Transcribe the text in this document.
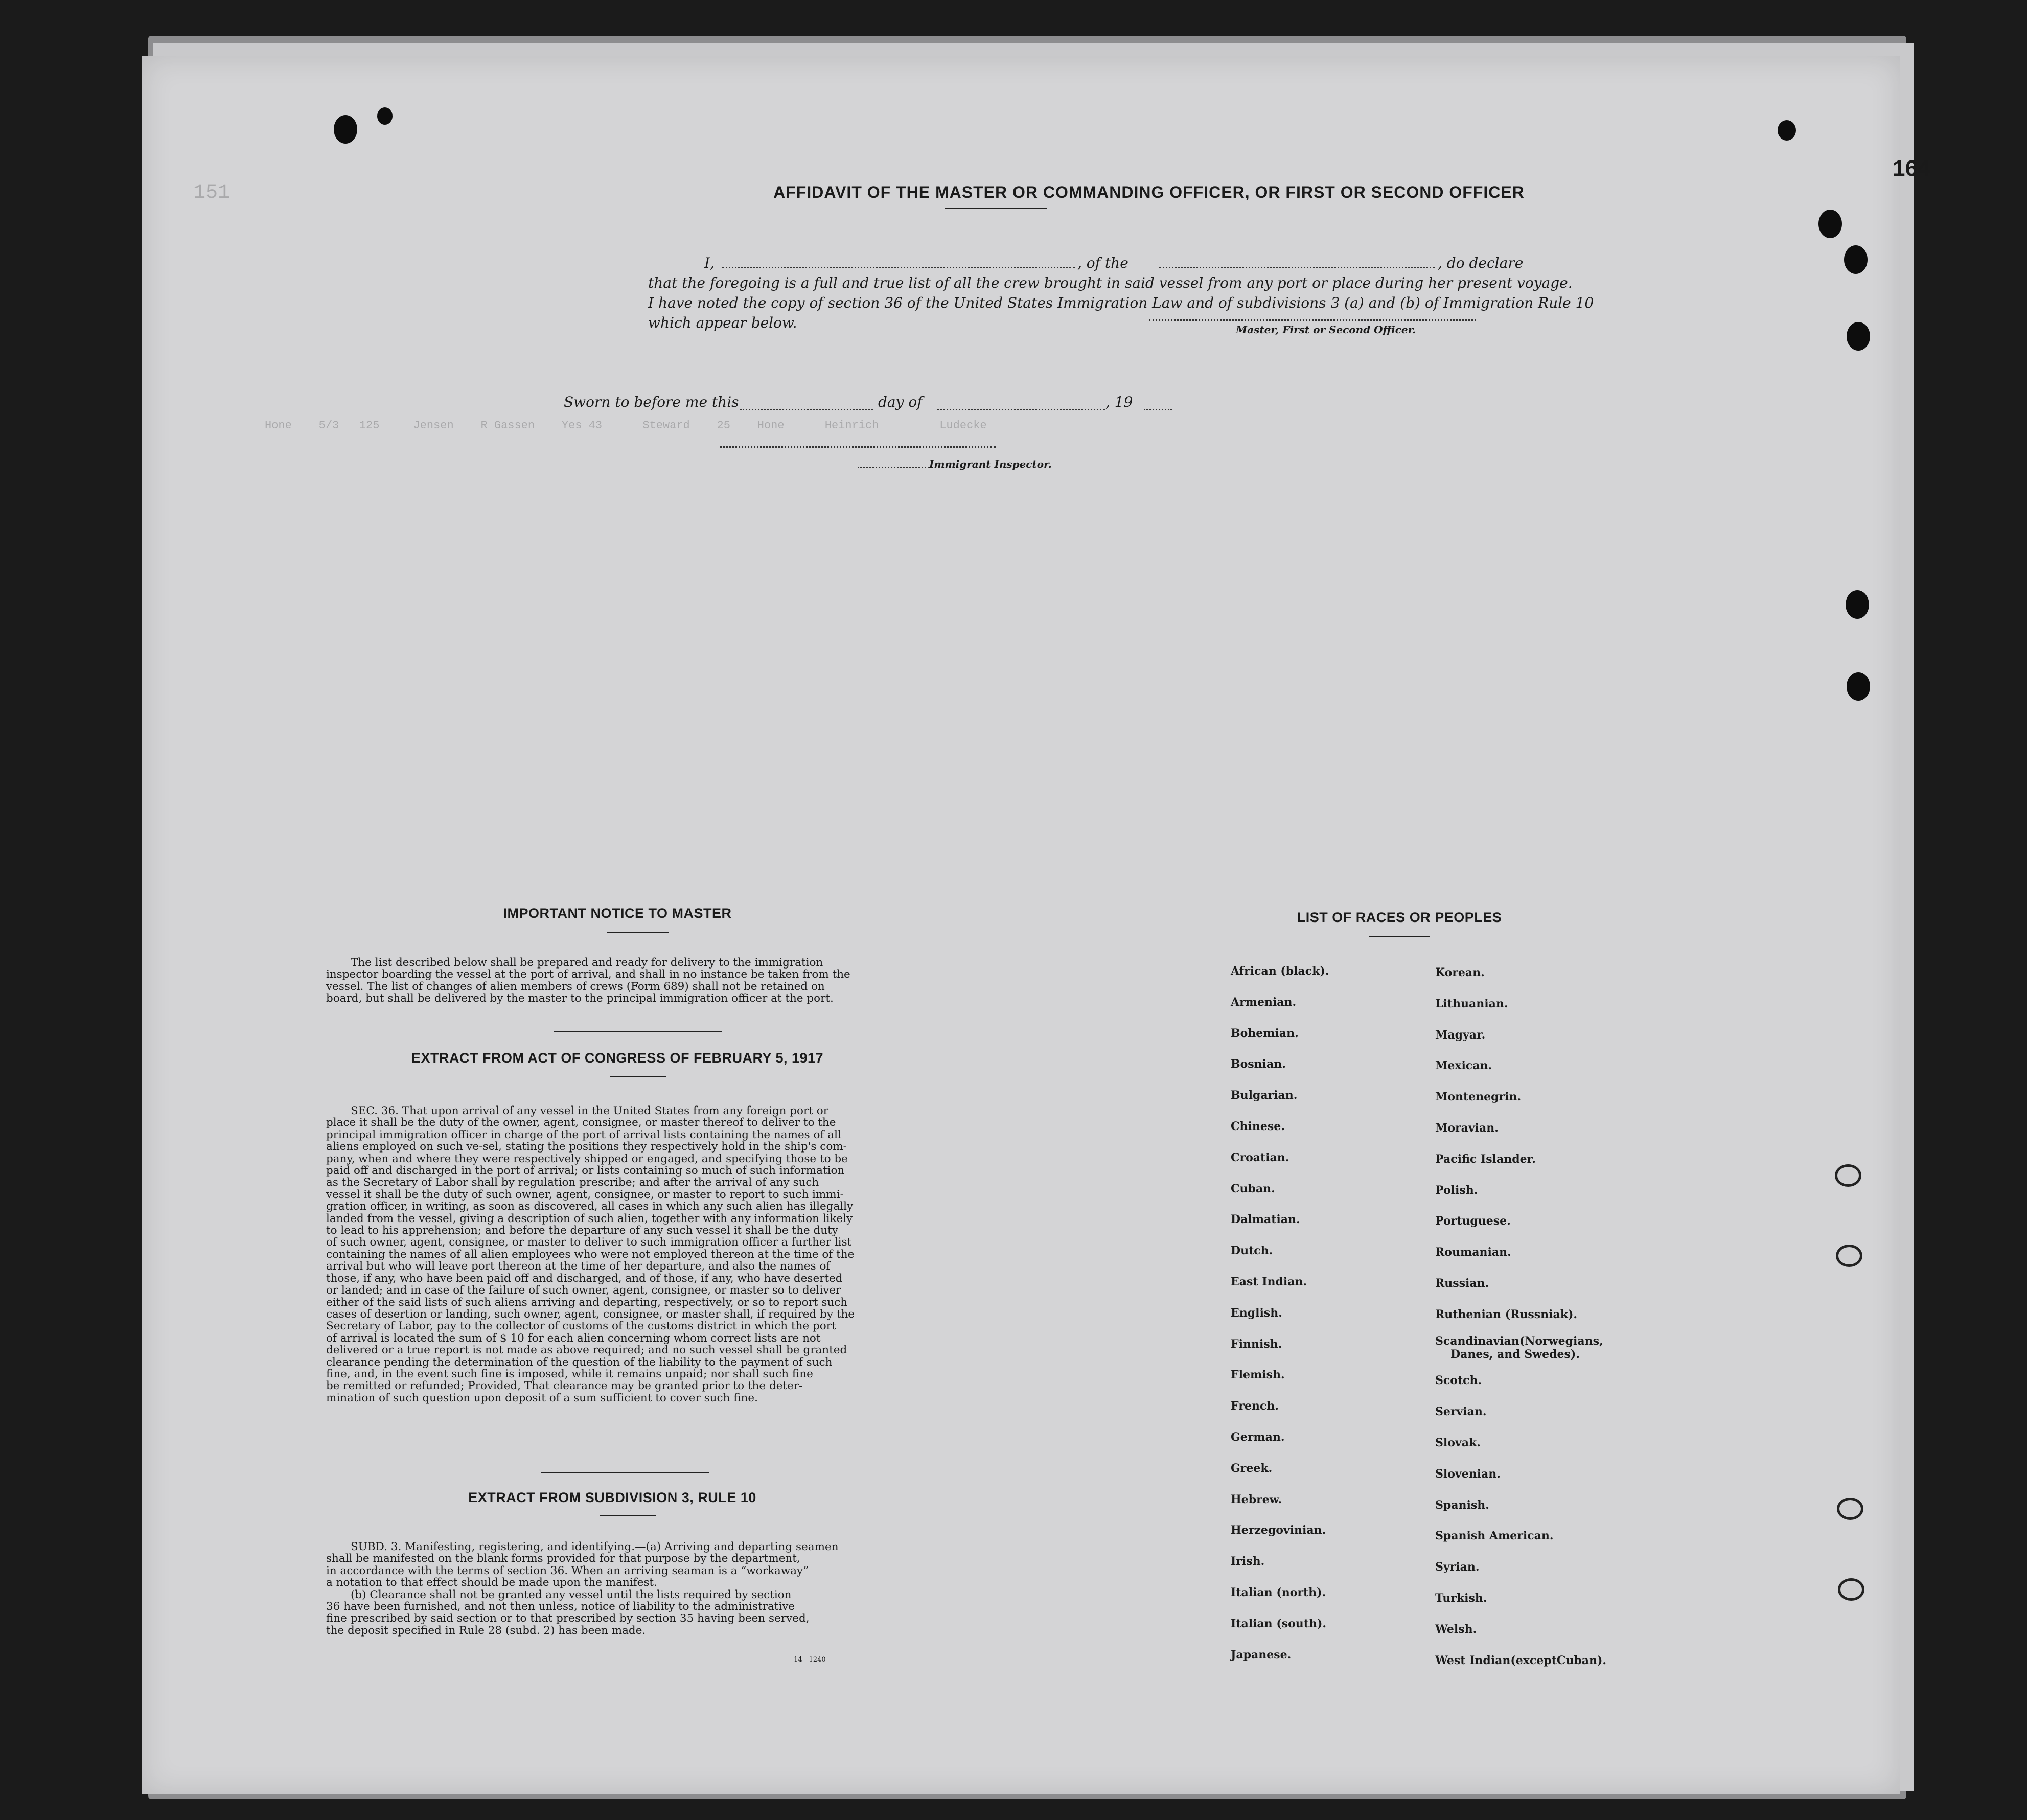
164
151
Hone    5/3   125     Jensen    R Gassen    Yes 43      Steward    25    Hone      Heinrich         Ludecke
AFFIDAVIT OF THE MASTER OR COMMANDING OFFICER, OR FIRST OR SECOND OFFICER
I,	, of the	, do declare
that the foregoing is a full and true list of all the crew brought in said vessel from any port or place during her present voyage.
I have noted the copy of section 36 of the United States Immigration Law and of subdivisions 3 (a) and (b) of Immigration Rule 10
which appear below.	Master, First or Second Officer.
Sworn to before me this	day of	, 19
Immigrant Inspector.
IMPORTANT NOTICE TO MASTER
The list described below shall be prepared and ready for delivery to the immigration
inspector boarding the vessel at the port of arrival, and shall in no instance be taken from the
vessel. The list of changes of alien members of crews (Form 689) shall not be retained on
board, but shall be delivered by the master to the principal immigration officer at the port.
EXTRACT FROM ACT OF CONGRESS OF FEBRUARY 5, 1917
SEC. 36. That upon arrival of any vessel in the United States from any foreign port or
place it shall be the duty of the owner, agent, consignee, or master thereof to deliver to the
principal immigration officer in charge of the port of arrival lists containing the names of all
aliens employed on such ve-sel, stating the positions they respectively hold in the ship's com-
pany, when and where they were respectively shipped or engaged, and specifying those to be
paid off and discharged in the port of arrival; or lists containing so much of such information
as the Secretary of Labor shall by regulation prescribe; and after the arrival of any such
vessel it shall be the duty of such owner, agent, consignee, or master to report to such immi-
gration officer, in writing, as soon as discovered, all cases in which any such alien has illegally
landed from the vessel, giving a description of such alien, together with any information likely
to lead to his apprehension; and before the departure of any such vessel it shall be the duty
of such owner, agent, consignee, or master to deliver to such immigration officer a further list
containing the names of all alien employees who were not employed thereon at the time of the
arrival but who will leave port thereon at the time of her departure, and also the names of
those, if any, who have been paid off and discharged, and of those, if any, who have deserted
or landed; and in case of the failure of such owner, agent, consignee, or master so to deliver
either of the said lists of such aliens arriving and departing, respectively, or so to report such
cases of desertion or landing, such owner, agent, consignee, or master shall, if required by the
Secretary of Labor, pay to the collector of customs of the customs district in which the port
of arrival is located the sum of $ 10 for each alien concerning whom correct lists are not
delivered or a true report is not made as above required; and no such vessel shall be granted
clearance pending the determination of the question of the liability to the payment of such
fine, and, in the event such fine is imposed, while it remains unpaid; nor shall such fine
be remitted or refunded; Provided, That clearance may be granted prior to the deter-
mination of such question upon deposit of a sum sufficient to cover such fine.
EXTRACT FROM SUBDIVISION 3, RULE 10
SUBD. 3. Manifesting, registering, and identifying.—(a) Arriving and departing seamen
shall be manifested on the blank forms provided for that purpose by the department,
in accordance with the terms of section 36. When an arriving seaman is a “workaway”
a notation to that effect should be made upon the manifest.
(b) Clearance shall not be granted any vessel until the lists required by section
36 have been furnished, and not then unless, notice of liability to the administrative
fine prescribed by said section or to that prescribed by section 35 having been served,
the deposit specified in Rule 28 (subd. 2) has been made.
14—1240
LIST OF RACES OR PEOPLES
African (black).
Armenian.
Bohemian.
Bosnian.
Bulgarian.
Chinese.
Croatian.
Cuban.
Dalmatian.
Dutch.
East Indian.
English.
Finnish.
Flemish.
French.
German.
Greek.
Hebrew.
Herzegovinian.
Irish.
Italian (north).
Italian (south).
Japanese.
Korean.
Lithuanian.
Magyar.
Mexican.
Montenegrin.
Moravian.
Pacific Islander.
Polish.
Portuguese.
Roumanian.
Russian.
Ruthenian (Russniak).
Scandinavian(Norwegians,
Danes, and Swedes).
Scotch.
Servian.
Slovak.
Slovenian.
Spanish.
Spanish American.
Syrian.
Turkish.
Welsh.
West Indian(exceptCuban).
